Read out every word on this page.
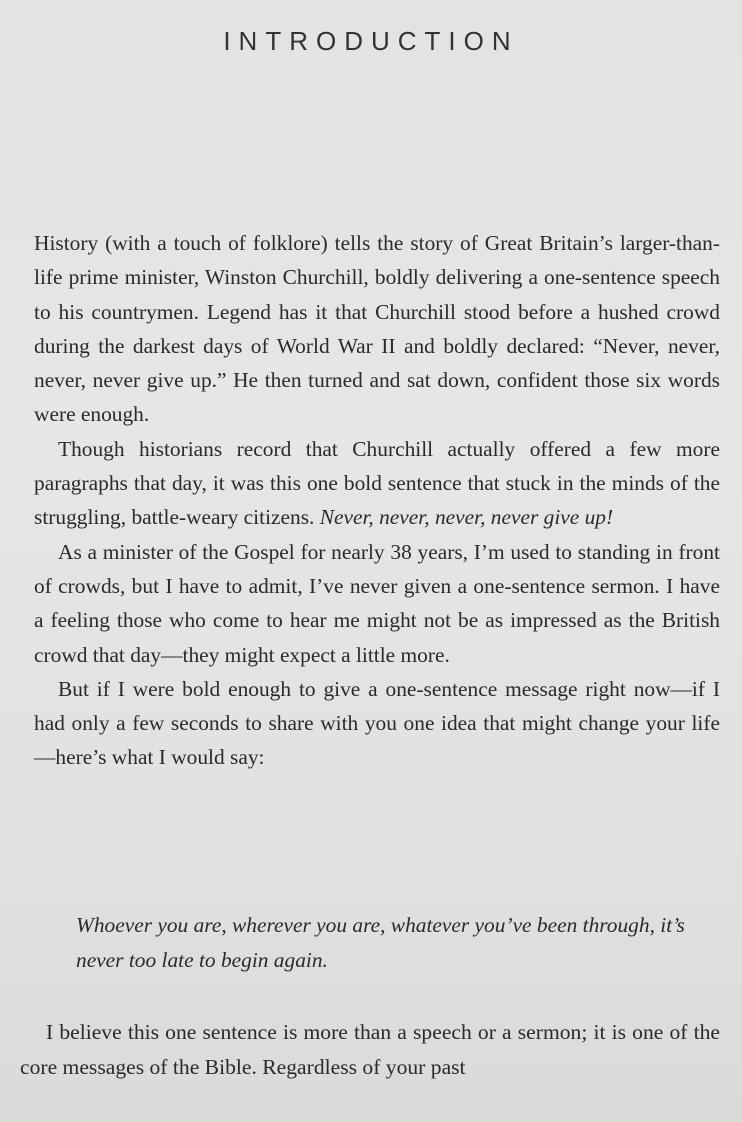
INTRODUCTION

History (with a touch of folklore) tells the story of Great Britain’s larger-than-life prime minister, Winston Churchill, boldly delivering a one-sentence speech to his countrymen. Legend has it that Churchill stood before a hushed crowd during the darkest days of World War II and boldly declared: “Never, never, never, never give up.” He then turned and sat down, confident those six words were enough.

Though historians record that Churchill actually offered a few more paragraphs that day, it was this one bold sentence that stuck in the minds of the struggling, battle-weary citizens. Never, never, never, never give up!

As a minister of the Gospel for nearly 38 years, I’m used to standing in front of crowds, but I have to admit, I’ve never given a one-sentence sermon. I have a feeling those who come to hear me might not be as impressed as the British crowd that day—they might expect a little more.

But if I were bold enough to give a one-sentence message right now—if I had only a few seconds to share with you one idea that might change your life—here’s what I would say:

Whoever you are, wherever you are, whatever you’ve been through, it’s never too late to begin again.

I believe this one sentence is more than a speech or a sermon; it is one of the core messages of the Bible. Regardless of your past
